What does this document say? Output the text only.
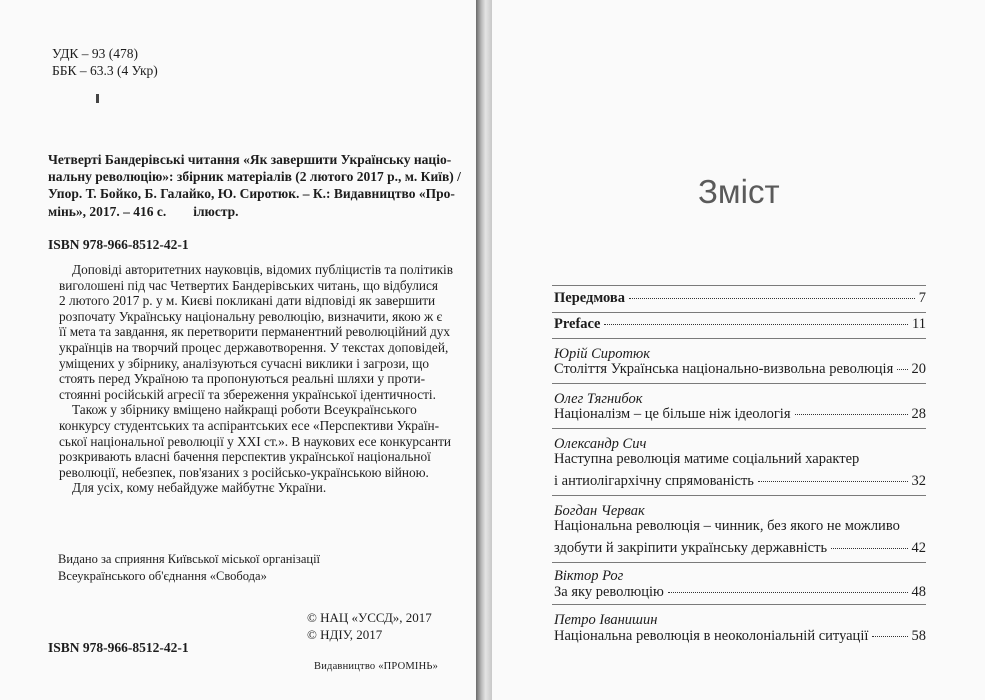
УДК – 93 (478)
ББК – 63.3 (4 Укр)
Четверті Бандерівські читання «Як завершити Українську націо-
нальну революцію»: збірник матеріалів (2 лютого 2017 р., м. Київ) /
Упор. Т. Бойко, Б. Галайко, Ю. Сиротюк. – К.: Видавництво «Про-
мінь», 2017. – 416 с.        ілюстр.
ISBN 978-966-8512-42-1
Доповіді авторитетних науковців, відомих публіцистів та політиків
виголошені під час Четвертих Бандерівських читань, що відбулися
2 лютого 2017 р. у м. Києві покликані дати відповіді як завершити
розпочату Українську національну революцію, визначити, якою ж є
її мета та завдання, як перетворити перманентний революційний дух
українців на творчий процес державотворення. У текстах доповідей,
уміщених у збірнику, аналізуються сучасні виклики і загрози, що
стоять перед Україною та пропонуються реальні шляхи у проти-
стоянні російській агресії та збереження української ідентичності.
Також у збірнику вміщено найкращі роботи Всеукраїнського
конкурсу студентських та аспірантських есе «Перспективи Україн-
ської національної революції у XXI ст.». В наукових есе конкурсанти
розкривають власні бачення перспектив української національної
революції, небезпек, пов'язаних з російсько-українською війною.
Для усіх, кому небайдуже майбутнє України.
Видано за сприяння Київської міської організації
Всеукраїнського об'єднання «Свобода»
© НАЦ «УССД», 2017
© НДІУ, 2017
ISBN 978-966-8512-42-1
Видавництво «ПРОМІНЬ»
Зміст
Передмова	7
Preface	11
Юрій Сиротюк
Століття Українська національно-визвольна революція 20
Олег Тягнибок
Націоналізм – це більше ніж ідеологія	28
Олександр Сич
Наступна революція матиме соціальний характер
і антиолігархічну спрямованість	32
Богдан Червак
Національна революція – чинник, без якого не можливо
здобути й закріпити українську державність	42
Віктор Рог
За яку революцію	48
Петро Іванишин
Національна революція в неоколоніальній ситуації	58
